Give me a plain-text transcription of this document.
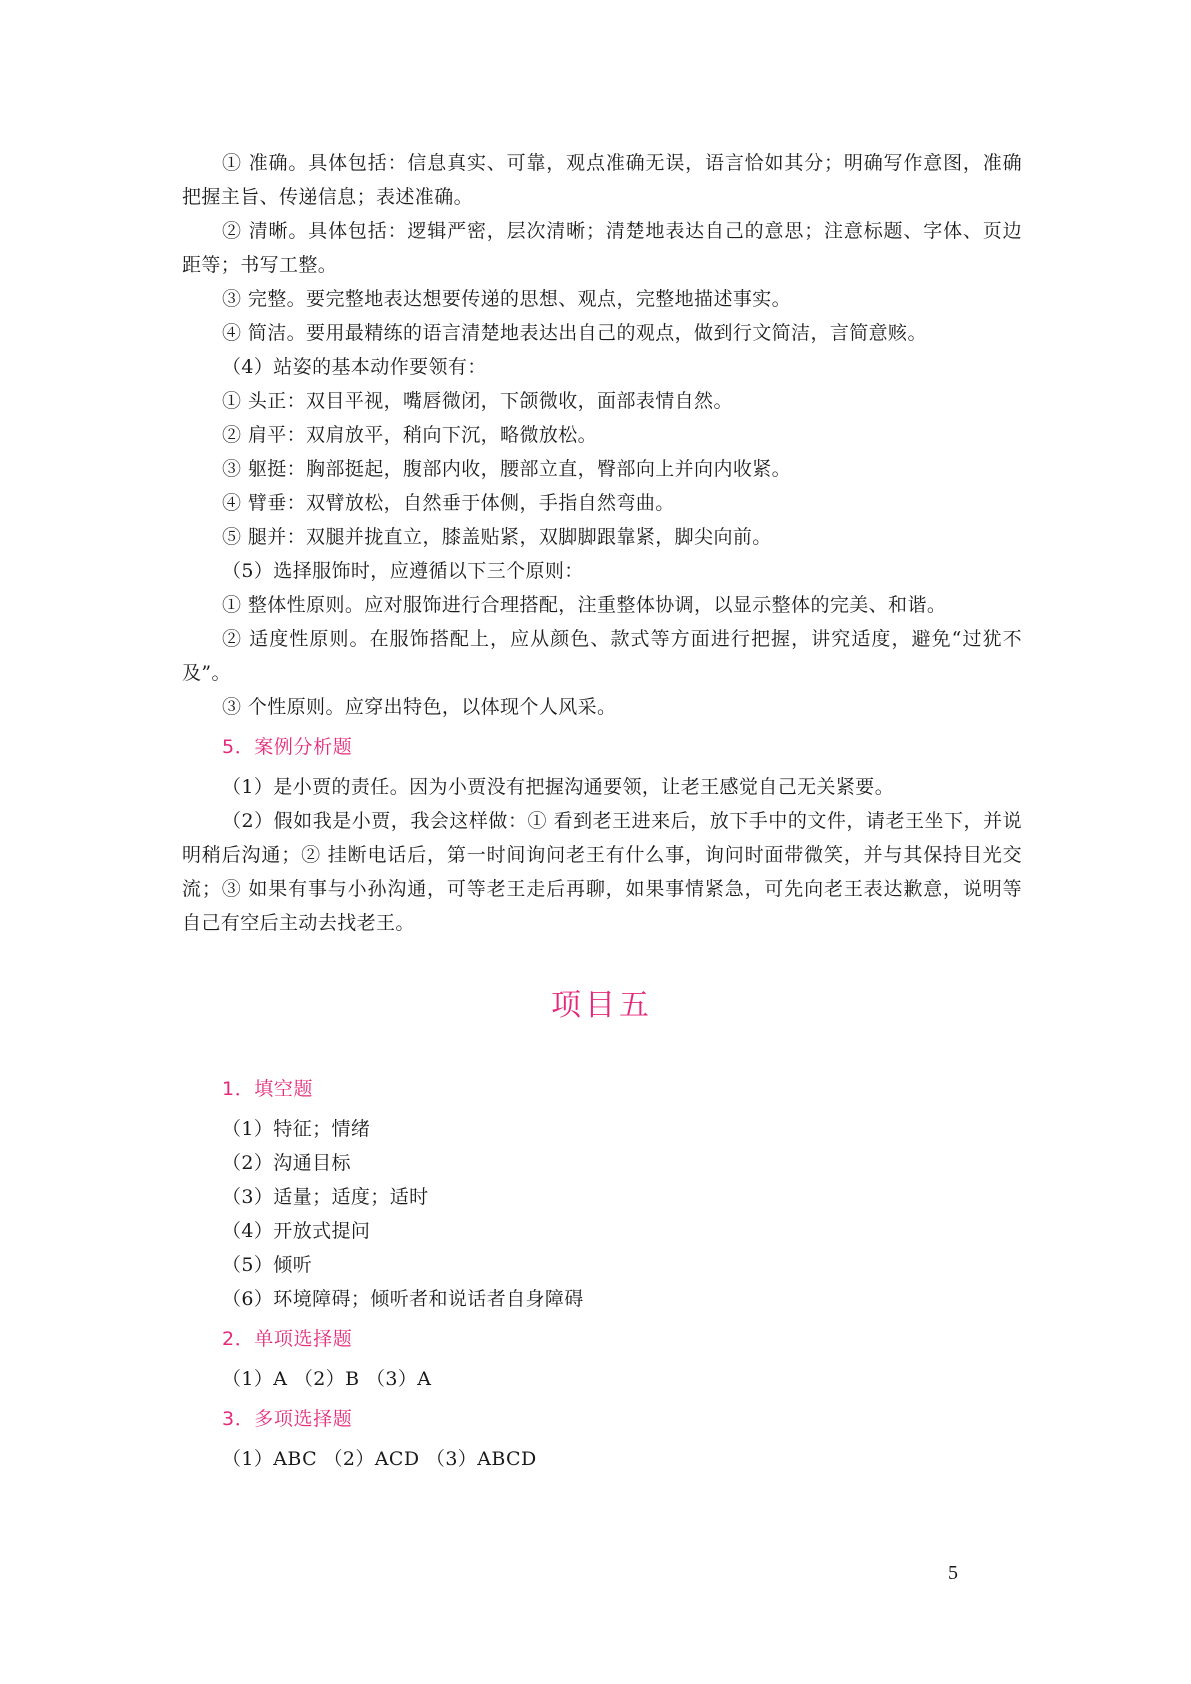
① 准确。具体包括：信息真实、可靠，观点准确无误，语言恰如其分；明确写作意图，准确把握主旨、传递信息；表述准确。

② 清晰。具体包括：逻辑严密，层次清晰；清楚地表达自己的意思；注意标题、字体、页边距等；书写工整。

③ 完整。要完整地表达想要传递的思想、观点，完整地描述事实。

④ 简洁。要用最精练的语言清楚地表达出自己的观点，做到行文简洁，言简意赅。

（4）站姿的基本动作要领有：

① 头正：双目平视，嘴唇微闭，下颌微收，面部表情自然。

② 肩平：双肩放平，稍向下沉，略微放松。

③ 躯挺：胸部挺起，腹部内收，腰部立直，臀部向上并向内收紧。

④ 臂垂：双臂放松，自然垂于体侧，手指自然弯曲。

⑤ 腿并：双腿并拢直立，膝盖贴紧，双脚脚跟靠紧，脚尖向前。

（5）选择服饰时，应遵循以下三个原则：

① 整体性原则。应对服饰进行合理搭配，注重整体协调，以显示整体的完美、和谐。

② 适度性原则。在服饰搭配上，应从颜色、款式等方面进行把握，讲究适度，避免“过犹不及”。

③ 个性原则。应穿出特色，以体现个人风采。

5．案例分析题

（1）是小贾的责任。因为小贾没有把握沟通要领，让老王感觉自己无关紧要。

（2）假如我是小贾，我会这样做：① 看到老王进来后，放下手中的文件，请老王坐下，并说明稍后沟通；② 挂断电话后，第一时间询问老王有什么事，询问时面带微笑，并与其保持目光交流；③ 如果有事与小孙沟通，可等老王走后再聊，如果事情紧急，可先向老王表达歉意，说明等自己有空后主动去找老王。

项目五
1．填空题

（1）特征；情绪

（2）沟通目标

（3）适量；适度；适时

（4）开放式提问

（5）倾听

（6）环境障碍；倾听者和说话者自身障碍

2．单项选择题

（1）A （2）B （3）A

3．多项选择题

（1）ABC （2）ACD （3）ABCD

5
